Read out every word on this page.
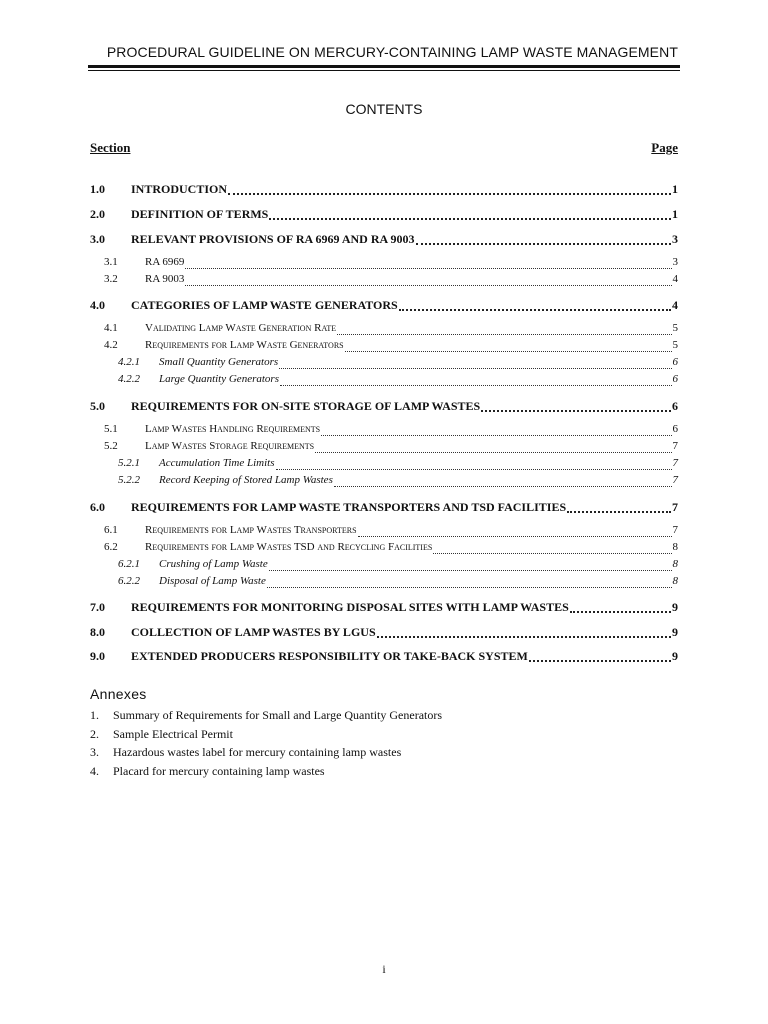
PROCEDURAL GUIDELINE ON MERCURY-CONTAINING LAMP WASTE MANAGEMENT
CONTENTS
Section	Page
1.0	INTRODUCTION	1
2.0	DEFINITION OF TERMS	1
3.0	RELEVANT PROVISIONS OF RA 6969 AND RA 9003	3
3.1	RA 6969	3
3.2	RA 9003	4
4.0	CATEGORIES OF LAMP WASTE GENERATORS	4
4.1	Validating Lamp Waste Generation Rate	5
4.2	Requirements for Lamp Waste Generators	5
4.2.1	Small Quantity Generators	6
4.2.2	Large Quantity Generators	6
5.0	REQUIREMENTS FOR ON-SITE STORAGE OF LAMP WASTES	6
5.1	Lamp Wastes Handling Requirements	6
5.2	Lamp Wastes Storage Requirements	7
5.2.1	Accumulation Time Limits	7
5.2.2	Record Keeping of Stored Lamp Wastes	7
6.0	REQUIREMENTS FOR LAMP WASTE TRANSPORTERS AND TSD FACILITIES	7
6.1	Requirements for Lamp Wastes Transporters	7
6.2	Requirements for Lamp Wastes TSD and Recycling Facilities	8
6.2.1	Crushing of Lamp Waste	8
6.2.2	Disposal of Lamp Waste	8
7.0	REQUIREMENTS FOR MONITORING DISPOSAL SITES WITH LAMP WASTES	9
8.0	COLLECTION OF LAMP WASTES BY LGUS	9
9.0	EXTENDED PRODUCERS RESPONSIBILITY OR TAKE-BACK SYSTEM	9
Annexes
1.	Summary of Requirements for Small and Large Quantity Generators
2.	Sample Electrical Permit
3.	Hazardous wastes label for mercury containing lamp wastes
4.	Placard for mercury containing lamp wastes
i
